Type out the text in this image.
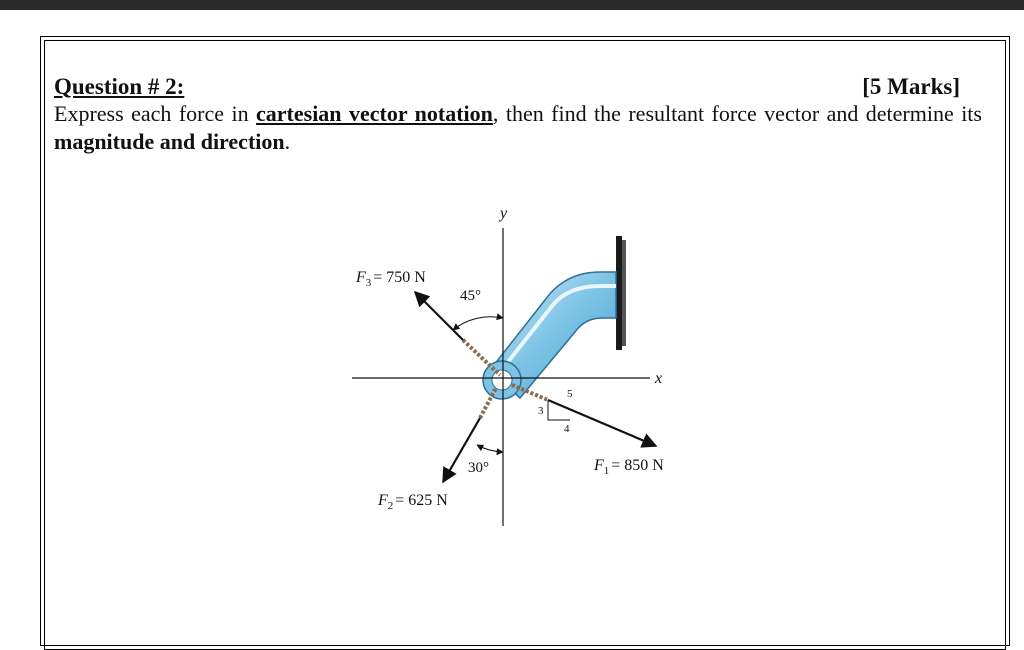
Question # 2:	[5 Marks]
Express each force in cartesian vector notation, then find the resultant force vector and determine its magnitude and direction.
x
y
5
3
4
$F_3 = 750$ N
45°
30°
$F_2 = 625$ N
$F_1 = 850$ N
